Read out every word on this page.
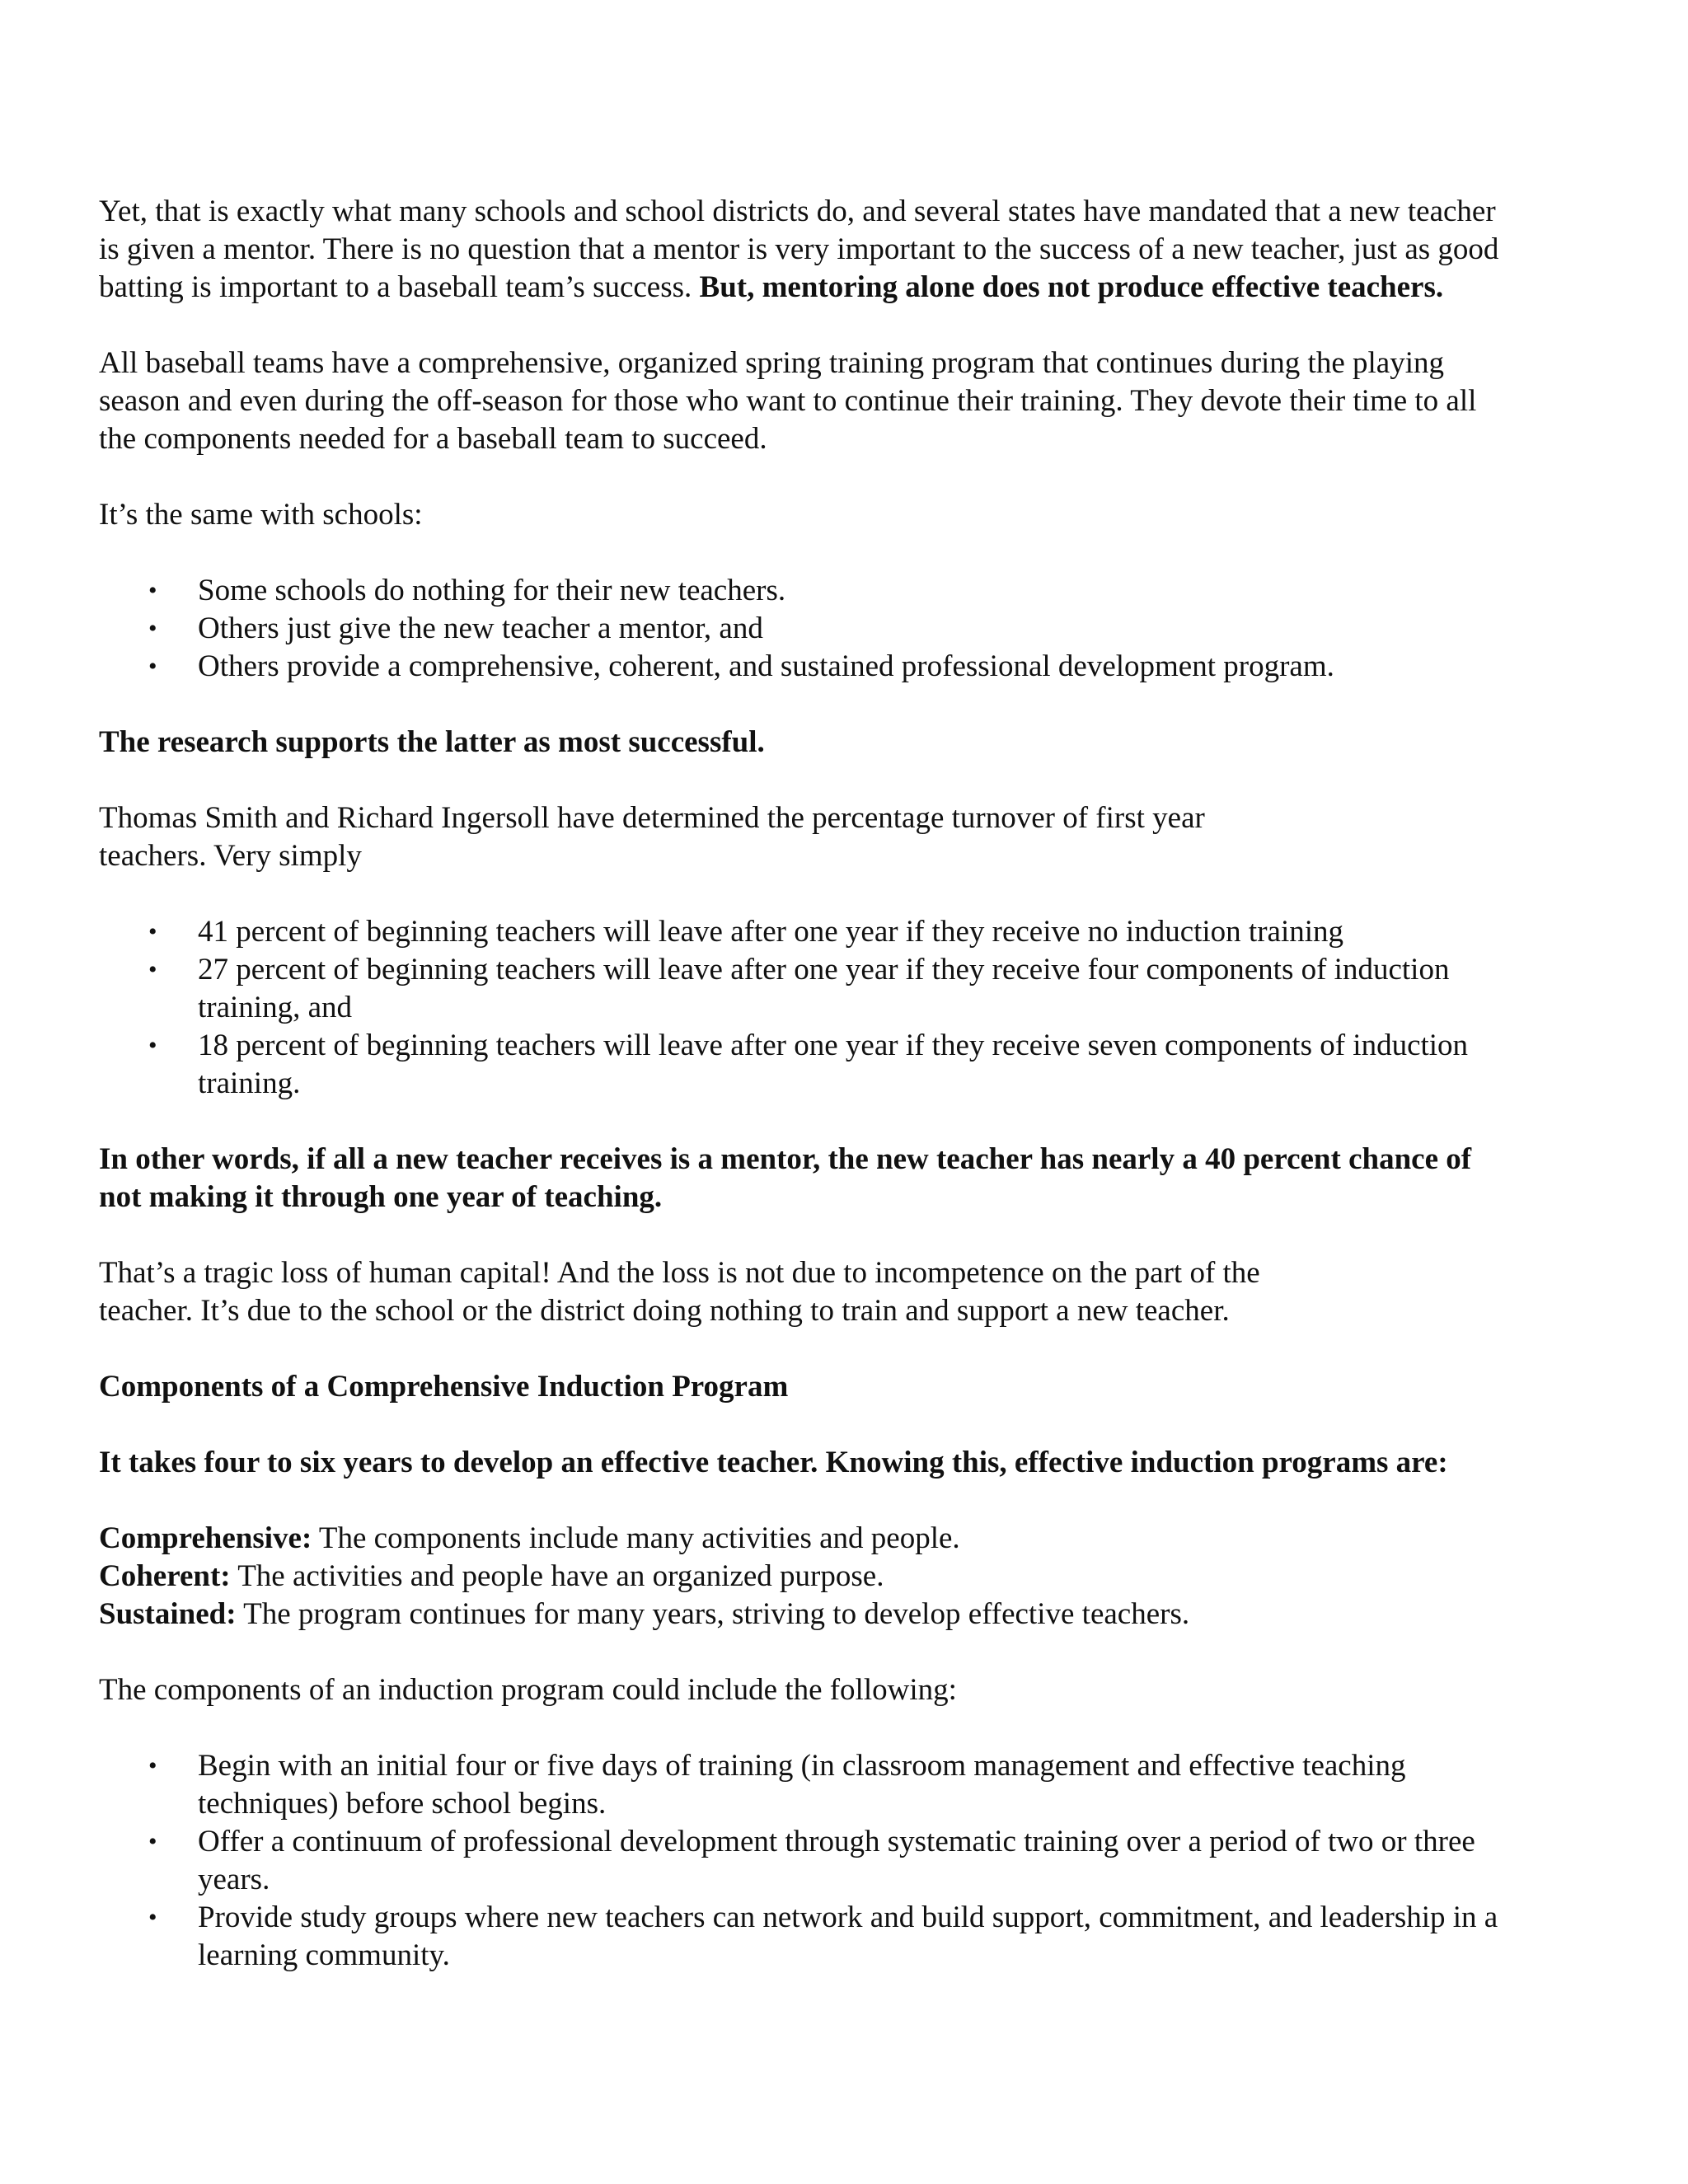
Yet, that is exactly what many schools and school districts do, and several states have mandated that a new teacher is given a mentor. There is no question that a mentor is very important to the success of a new teacher, just as good batting is important to a baseball team’s success. But, mentoring alone does not produce effective teachers.

All baseball teams have a comprehensive, organized spring training program that continues during the playing season and even during the off-season for those who want to continue their training. They devote their time to all the components needed for a baseball team to succeed.

It’s the same with schools:

• Some schools do nothing for their new teachers.
• Others just give the new teacher a mentor, and
• Others provide a comprehensive, coherent, and sustained professional development program.

The research supports the latter as most successful.

Thomas Smith and Richard Ingersoll have determined the percentage turnover of first year
teachers. Very simply

• 41 percent of beginning teachers will leave after one year if they receive no induction training
• 27 percent of beginning teachers will leave after one year if they receive four components of induction training, and
• 18 percent of beginning teachers will leave after one year if they receive seven components of induction training.

In other words, if all a new teacher receives is a mentor, the new teacher has nearly a 40 percent chance of not making it through one year of teaching.

That’s a tragic loss of human capital! And the loss is not due to incompetence on the part of the
teacher. It’s due to the school or the district doing nothing to train and support a new teacher.

Components of a Comprehensive Induction Program

It takes four to six years to develop an effective teacher. Knowing this, effective induction programs are:

Comprehensive: The components include many activities and people.
Coherent: The activities and people have an organized purpose.
Sustained: The program continues for many years, striving to develop effective teachers.

The components of an induction program could include the following:

• Begin with an initial four or five days of training (in classroom management and effective teaching techniques) before school begins.
• Offer a continuum of professional development through systematic training over a period of two or three years.
• Provide study groups where new teachers can network and build support, commitment, and leadership in a learning community.
